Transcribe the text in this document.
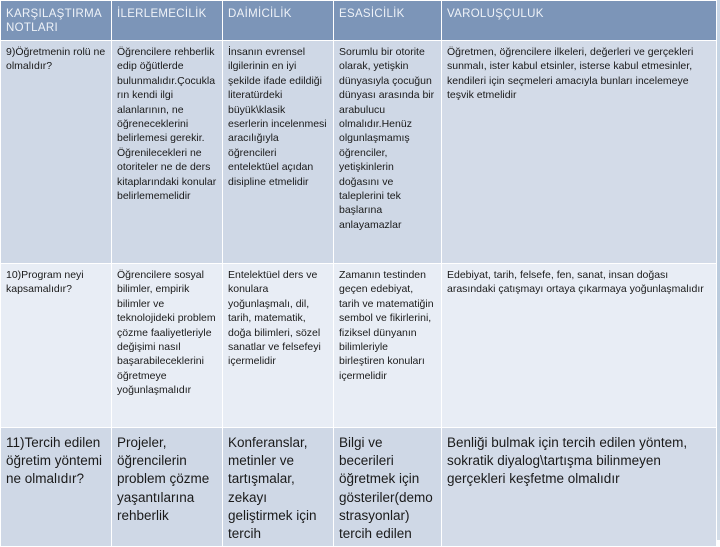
KARŞILAŞTIRMA NOTLARI	İLERLEMECİLİK	DAİMİCİLİK	ESASİCİLİK	VAROLUŞÇULUK
9)Öğretmenin rolü ne olmalıdır?	Öğrencilere rehberlik edip öğütlerde bulunmalıdır.Çocukların kendi ilgi alanlarının, ne öğreneceklerini belirlemesi gerekir. Öğrenilecekleri ne otoriteler ne de ders kitaplarındaki konular belirlememelidir	İnsanın evrensel ilgilerinin en iyi şekilde ifade edildiği literatürdeki büyük\klasik eserlerin incelenmesi aracılığıyla öğrencileri entelektüel açıdan disipline etmelidir	Sorumlu bir otorite olarak, yetişkin dünyasıyla çocuğun dünyası arasında bir arabulucu olmalıdır.Henüz olgunlaşmamış öğrenciler, yetişkinlerin doğasını ve taleplerini tek başlarına anlayamazlar	Öğretmen, öğrencilere ilkeleri, değerleri ve gerçekleri sunmalı, ister kabul etsinler, isterse kabul etmesinler, kendileri için seçmeleri amacıyla bunları incelemeye teşvik etmelidir
10)Program neyi kapsamalıdır?	Öğrencilere sosyal bilimler, empirik bilimler ve teknolojideki problem çözme faaliyetleriyle değişimi nasıl başarabileceklerini öğretmeye yoğunlaşmalıdır	Entelektüel ders ve konulara yoğunlaşmalı, dil, tarih, matematik, doğa bilimleri, sözel sanatlar ve felsefeyi içermelidir	Zamanın testinden geçen edebiyat, tarih ve matematiğin sembol ve fikirlerini, fiziksel dünyanın bilimleriyle birleştiren konuları içermelidir	Edebiyat, tarih, felsefe, fen, sanat, insan doğası arasındaki çatışmayı ortaya çıkarmaya yoğunlaşmalıdır
11)Tercih edilen öğretim yöntemi ne olmalıdır?	Projeler, öğrencilerin problem çözme yaşantılarına rehberlik	Konferanslar, metinler ve tartışmalar, zekayı geliştirmek için tercih	Bilgi ve becerileri öğretmek için gösteriler(demostrasyonlar) tercih edilen	Benliği bulmak için tercih edilen yöntem, sokratik diyalog\tartışma bilinmeyen gerçekleri keşfetme olmalıdır
